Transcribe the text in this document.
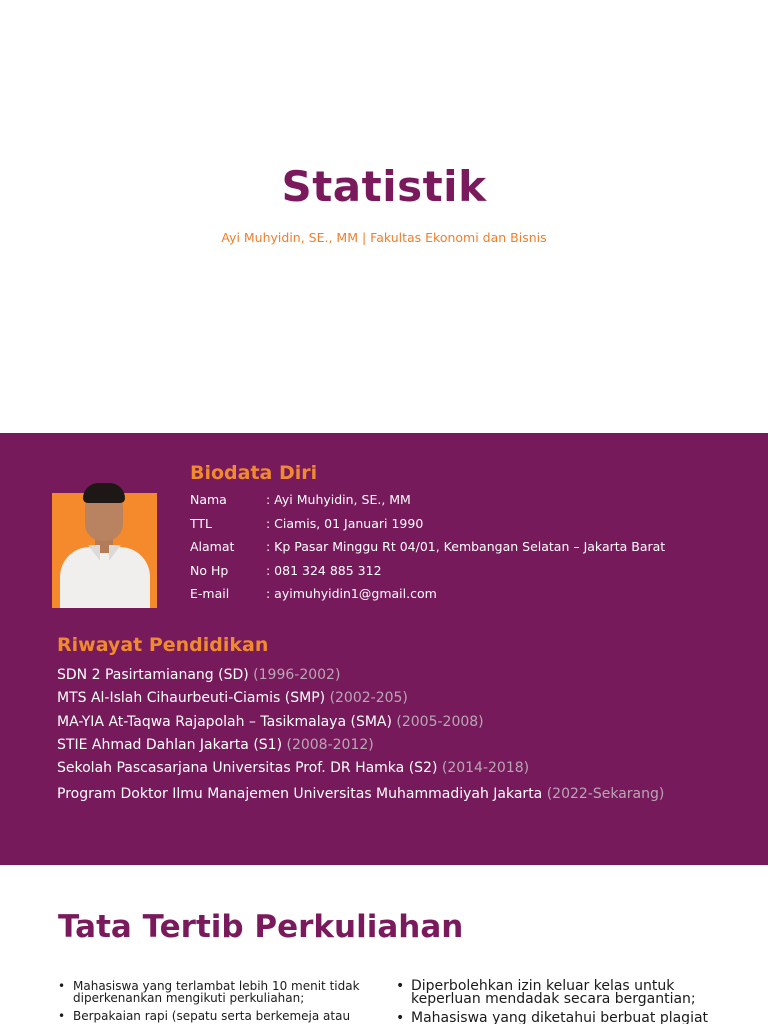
Statistik
Ayi Muhyidin, SE., MM | Fakultas Ekonomi dan Bisnis
Biodata Diri
Nama	: Ayi Muhyidin, SE., MM
TTL	: Ciamis, 01 Januari 1990
Alamat	: Kp Pasar Minggu Rt 04/01, Kembangan Selatan – Jakarta Barat
No Hp	: 081 324 885 312
E-mail	: ayimuhyidin1@gmail.com
Riwayat Pendidikan
SDN 2 Pasirtamianang (SD) (1996-2002)
MTS Al-Islah Cihaurbeuti-Ciamis (SMP) (2002-205)
MA-YIA At-Taqwa Rajapolah – Tasikmalaya (SMA) (2005-2008)
STIE Ahmad Dahlan Jakarta (S1) (2008-2012)
Sekolah Pascasarjana Universitas Prof. DR Hamka (S2) (2014-2018)
Program Doktor Ilmu Manajemen Universitas Muhammadiyah Jakarta (2022-Sekarang)
Tata Tertib Perkuliahan
• Mahasiswa yang terlambat lebih 10 menit tidak diperkenankan mengikuti perkuliahan;
• Berpakaian rapi (sepatu serta berkemeja atau
• Diperbolehkan izin keluar kelas untuk keperluan mendadak secara bergantian;
• Mahasiswa yang diketahui berbuat plagiat
